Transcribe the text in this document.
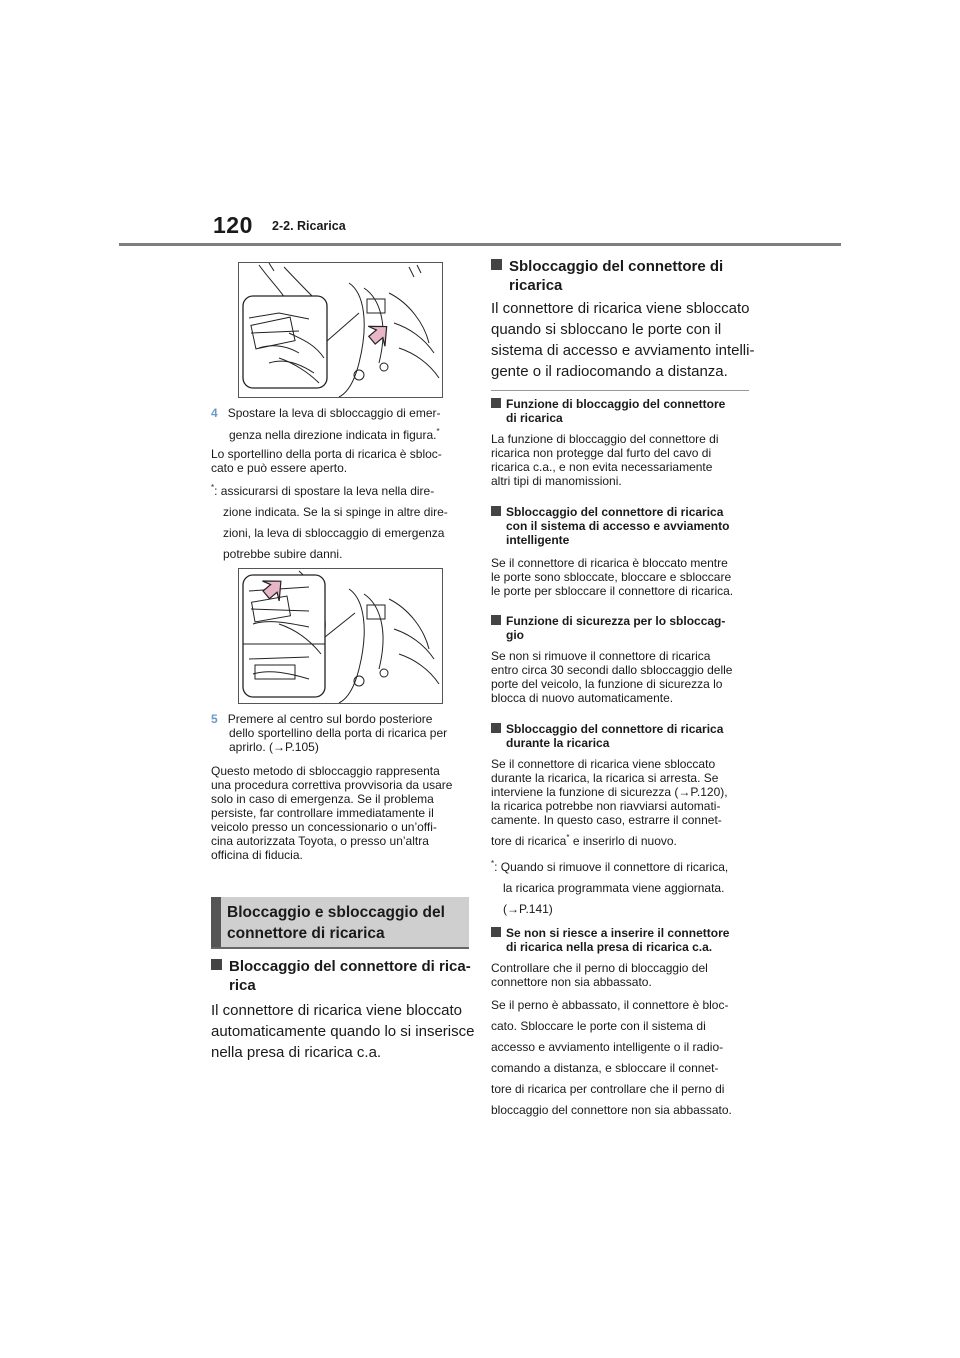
120 2-2. Ricarica
4 Spostare la leva di sbloccaggio di emer-
genza nella direzione indicata in figura.*
Lo sportellino della porta di ricarica è sbloc-
cato e può essere aperto.
*: assicurarsi di spostare la leva nella dire-
zione indicata. Se la si spinge in altre dire-
zioni, la leva di sbloccaggio di emergenza
potrebbe subire danni.
5 Premere al centro sul bordo posteriore
dello sportellino della porta di ricarica per
aprirlo. (→P.105)
Questo metodo di sbloccaggio rappresenta
una procedura correttiva provvisoria da usare
solo in caso di emergenza. Se il problema
persiste, far controllare immediatamente il
veicolo presso un concessionario o un’offi-
cina autorizzata Toyota, o presso un’altra
officina di fiducia.
Bloccaggio e sbloccaggio del
connettore di ricarica
Bloccaggio del connettore di rica-
rica
Il connettore di ricarica viene bloccato
automaticamente quando lo si inserisce
nella presa di ricarica c.a.
Sbloccaggio del connettore di
ricarica
Il connettore di ricarica viene sbloccato
quando si sbloccano le porte con il
sistema di accesso e avviamento intelli-
gente o il radiocomando a distanza.
Funzione di bloccaggio del connettore
di ricarica
La funzione di bloccaggio del connettore di
ricarica non protegge dal furto del cavo di
ricarica c.a., e non evita necessariamente
altri tipi di manomissioni.
Sbloccaggio del connettore di ricarica
con il sistema di accesso e avviamento
intelligente
Se il connettore di ricarica è bloccato mentre
le porte sono sbloccate, bloccare e sbloccare
le porte per sbloccare il connettore di ricarica.
Funzione di sicurezza per lo sbloccag-
gio
Se non si rimuove il connettore di ricarica
entro circa 30 secondi dallo sbloccaggio delle
porte del veicolo, la funzione di sicurezza lo
blocca di nuovo automaticamente.
Sbloccaggio del connettore di ricarica
durante la ricarica
Se il connettore di ricarica viene sbloccato
durante la ricarica, la ricarica si arresta. Se
interviene la funzione di sicurezza (→P.120),
la ricarica potrebbe non riavviarsi automati-
camente. In questo caso, estrarre il connet-
tore di ricarica* e inserirlo di nuovo.
*: Quando si rimuove il connettore di ricarica,
la ricarica programmata viene aggiornata.
(→P.141)
Se non si riesce a inserire il connettore
di ricarica nella presa di ricarica c.a.
Controllare che il perno di bloccaggio del
connettore non sia abbassato.
Se il perno è abbassato, il connettore è bloc-
cato. Sbloccare le porte con il sistema di
accesso e avviamento intelligente o il radio-
comando a distanza, e sbloccare il connet-
tore di ricarica per controllare che il perno di
bloccaggio del connettore non sia abbassato.
